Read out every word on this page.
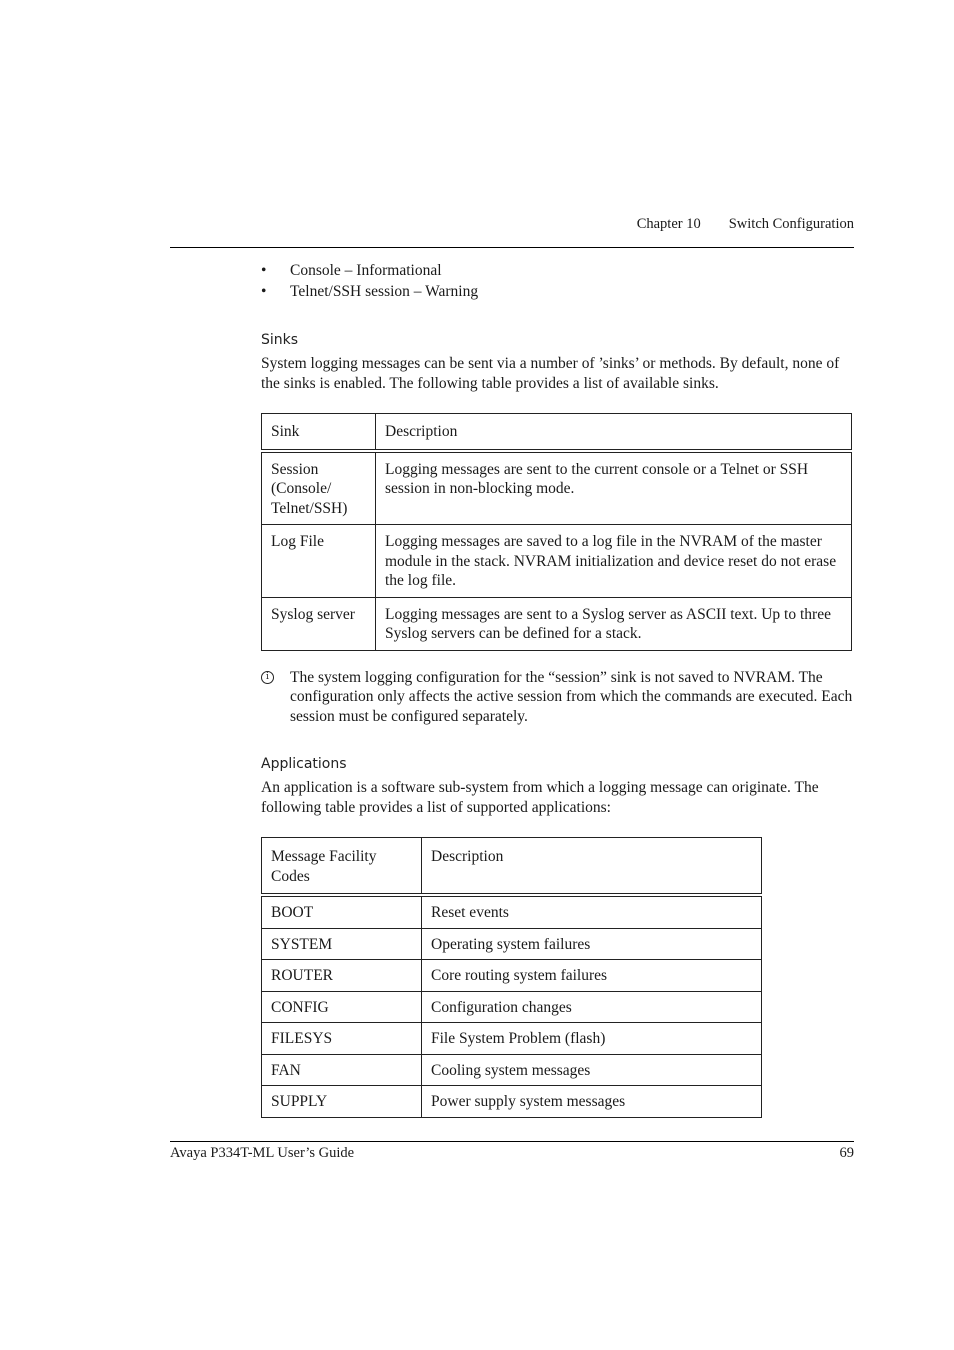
Chapter 10 Switch Configuration
• Console – Informational
• Telnet/SSH session – Warning
Sinks

System logging messages can be sent via a number of ’sinks’ or methods. By default, none of the sinks is enabled. The following table provides a list of available sinks.

Sink	Description
Session (Console/ Telnet/SSH)	Logging messages are sent to the current console or a Telnet or SSH session in non-blocking mode.
Log File	Logging messages are saved to a log file in the NVRAM of the master module in the stack. NVRAM initialization and device reset do not erase the log file.
Syslog server	Logging messages are sent to a Syslog server as ASCII text. Up to three Syslog servers can be defined for a stack.
i	The system logging configuration for the “session” sink is not saved to NVRAM. The configuration only affects the active session from which the commands are executed. Each session must be configured separately.
Applications

An application is a software sub-system from which a logging message can originate. The following table provides a list of supported applications:

Message Facility Codes	Description
BOOT	Reset events
SYSTEM	Operating system failures
ROUTER	Core routing system failures
CONFIG	Configuration changes
FILESYS	File System Problem (flash)
FAN	Cooling system messages
SUPPLY	Power supply system messages
Avaya P334T-ML User’s Guide	69
